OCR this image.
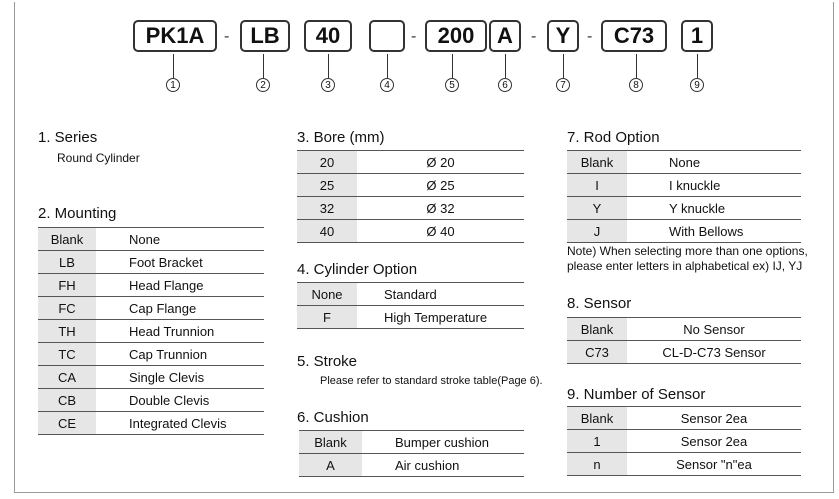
PK1A	- LB	40	- 200	A	- Y	- C73	1
1	2	3	4	5	6	7	8	9
1. Series
Round Cylinder
2. Mounting
Blank	None
LB	Foot Bracket
FH	Head Flange
FC	Cap Flange
TH	Head Trunnion
TC	Cap Trunnion
CA	Single Clevis
CB	Double Clevis
CE	Integrated Clevis
3. Bore (mm)
20	Ø 20
25	Ø 25
32	Ø 32
40	Ø 40
4. Cylinder Option
None	Standard
F	High Temperature
5. Stroke
Please refer to standard stroke table(Page 6).
6. Cushion
Blank	Bumper cushion
A	Air cushion
7. Rod Option
Blank	None
I	I knuckle
Y	Y knuckle
J	With Bellows
Note) When selecting more than one options,
please enter letters in alphabetical ex) IJ, YJ
8. Sensor
Blank	No Sensor
C73	CL-D-C73 Sensor
9. Number of Sensor
Blank	Sensor 2ea
1	Sensor 2ea
n	Sensor "n"ea
